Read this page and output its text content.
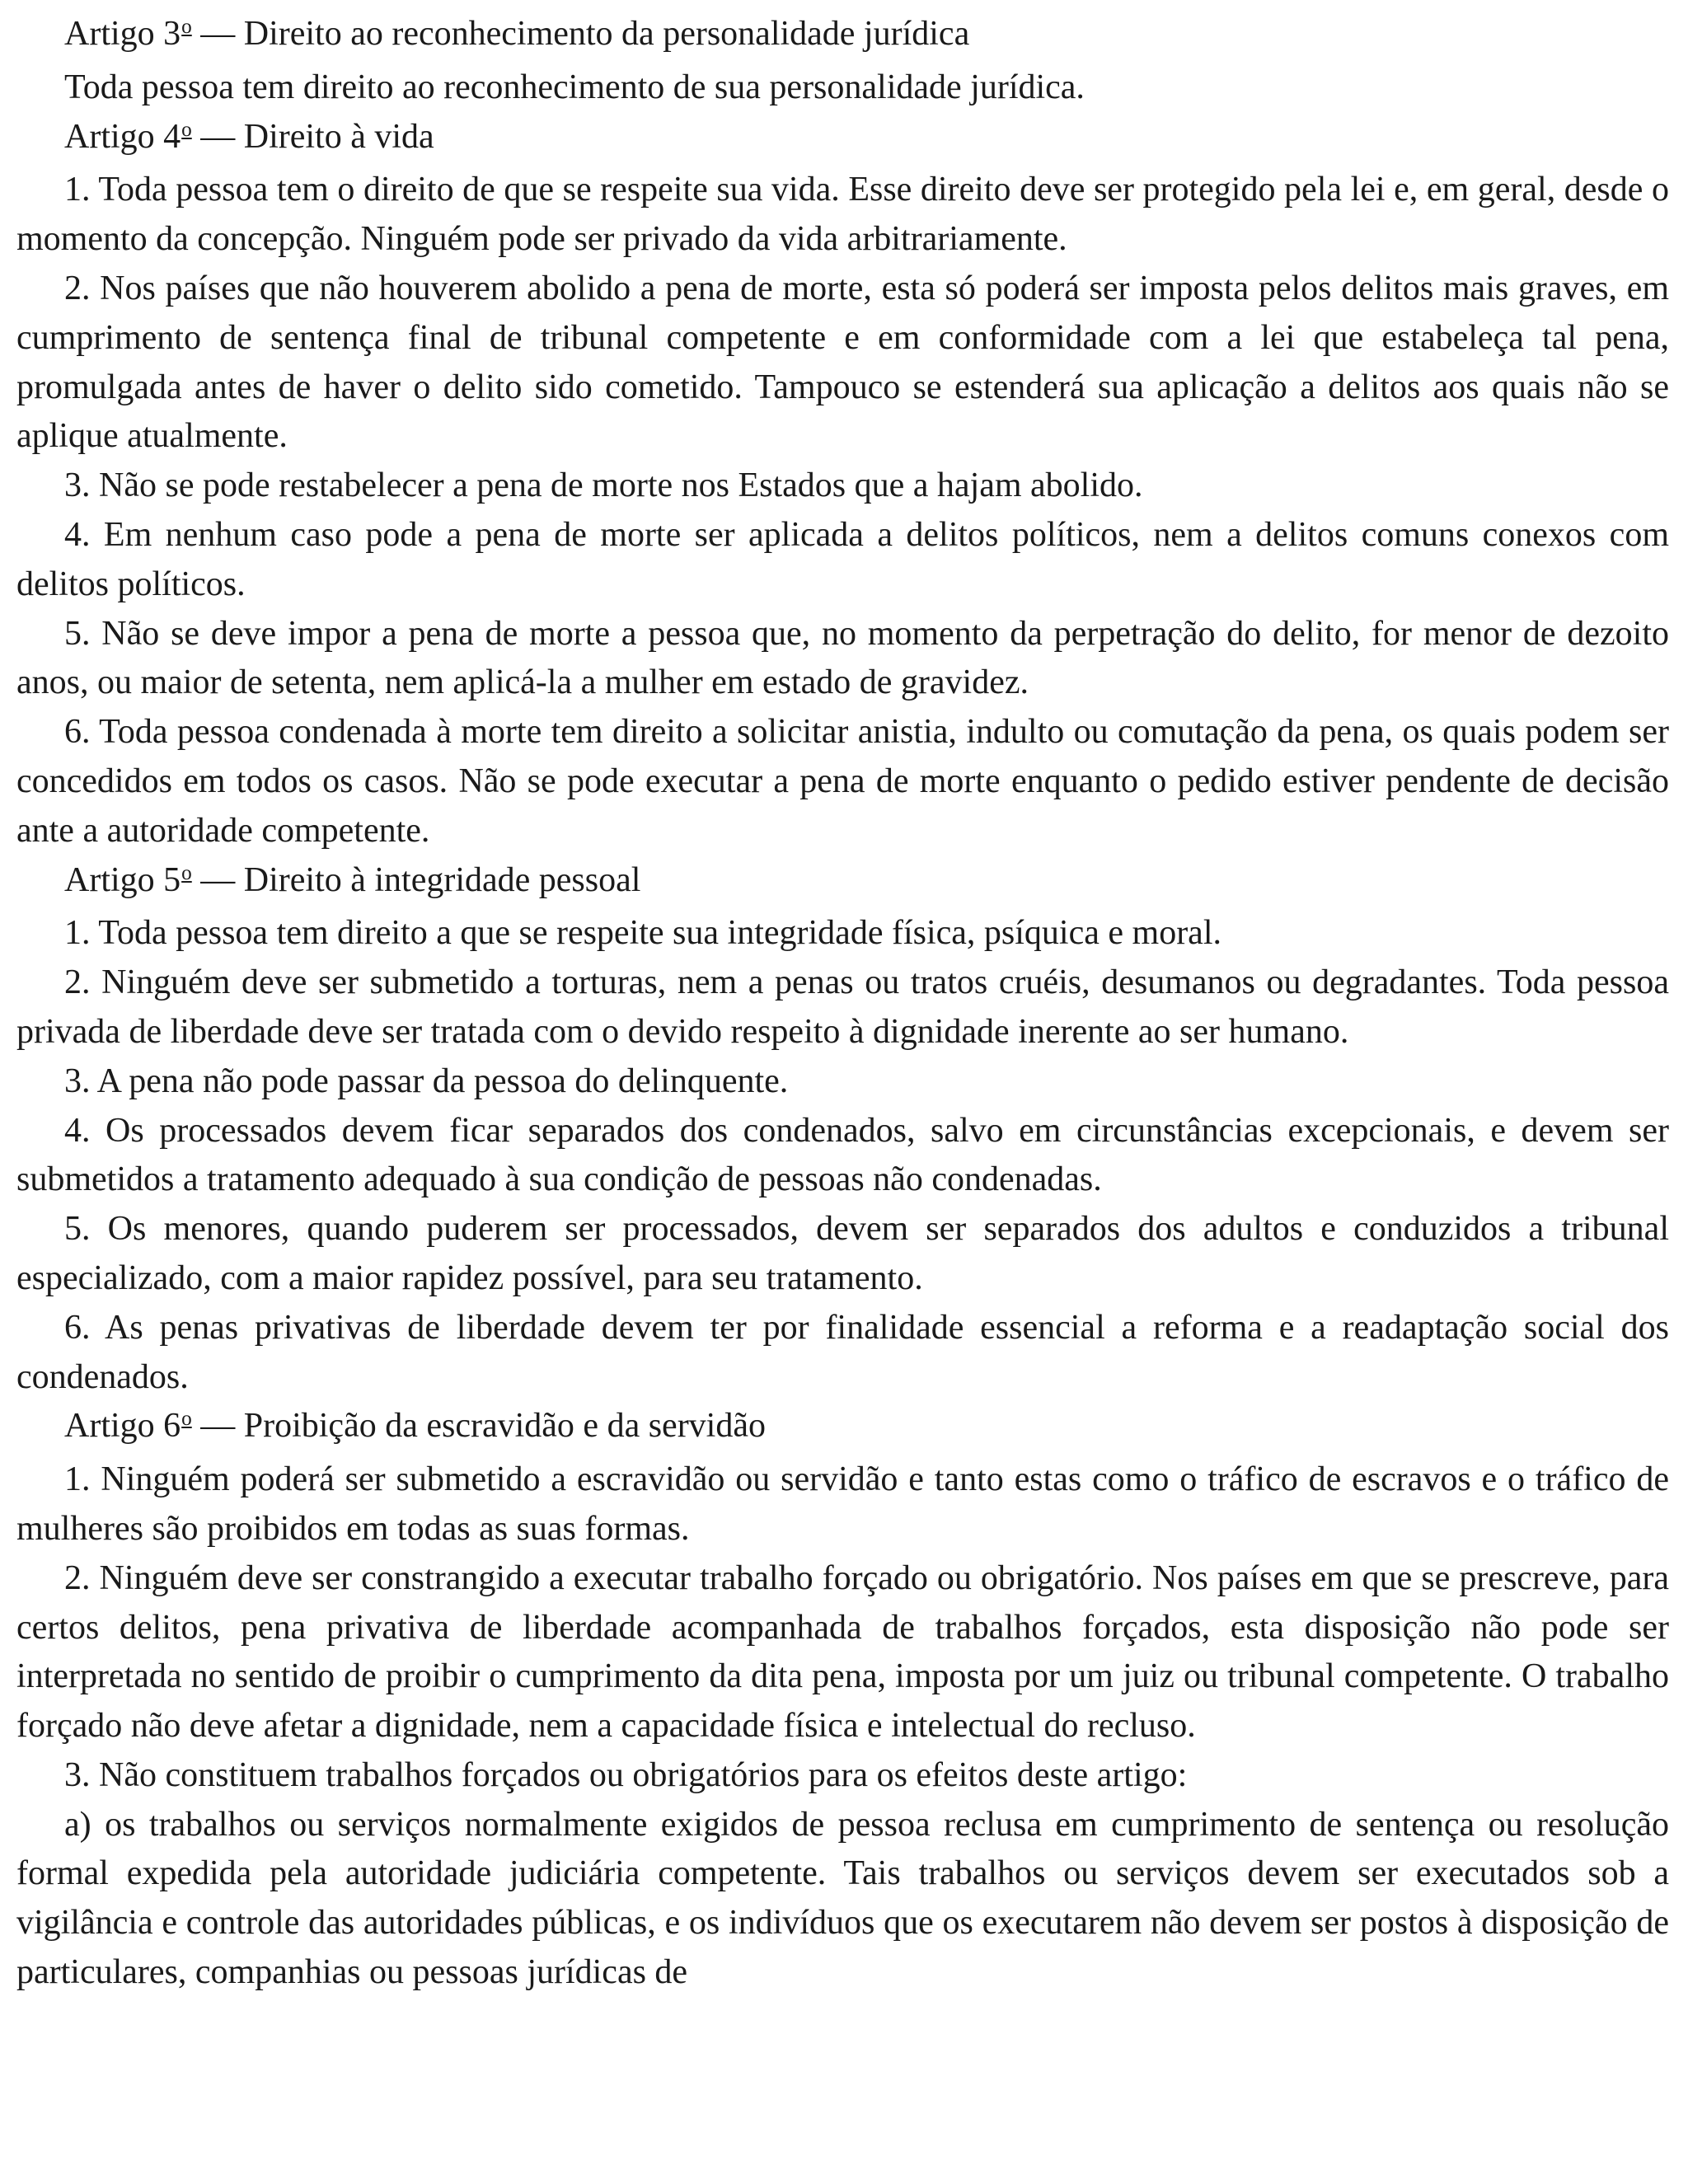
Artigo 3$^o$ — Direito ao reconhecimento da personalidade jurídica

Toda pessoa tem direito ao reconhecimento de sua personalidade jurídica.

Artigo 4$^o$ — Direito à vida

1. Toda pessoa tem o direito de que se respeite sua vida. Esse direito deve ser protegido pela lei e, em geral, desde o momento da concepção. Ninguém pode ser privado da vida arbitrariamente.

2. Nos países que não houverem abolido a pena de morte, esta só poderá ser imposta pelos delitos mais graves, em cumprimento de sentença final de tribunal competente e em conformidade com a lei que estabeleça tal pena, promulgada antes de haver o delito sido cometido. Tampouco se estenderá sua aplicação a delitos aos quais não se aplique atualmente.

3. Não se pode restabelecer a pena de morte nos Estados que a hajam abolido.

4. Em nenhum caso pode a pena de morte ser aplicada a delitos políticos, nem a delitos comuns conexos com delitos políticos.

5. Não se deve impor a pena de morte a pessoa que, no momento da perpetração do delito, for menor de dezoito anos, ou maior de setenta, nem aplicá-la a mulher em estado de gravidez.

6. Toda pessoa condenada à morte tem direito a solicitar anistia, indulto ou comutação da pena, os quais podem ser concedidos em todos os casos. Não se pode executar a pena de morte enquanto o pedido estiver pendente de decisão ante a autoridade competente.

Artigo 5$^o$ — Direito à integridade pessoal

1. Toda pessoa tem direito a que se respeite sua integridade física, psíquica e moral.

2. Ninguém deve ser submetido a torturas, nem a penas ou tratos cruéis, desumanos ou degradantes. Toda pessoa privada de liberdade deve ser tratada com o devido respeito à dignidade inerente ao ser humano.

3. A pena não pode passar da pessoa do delinquente.

4. Os processados devem ficar separados dos condenados, salvo em circunstâncias excepcionais, e devem ser submetidos a tratamento adequado à sua condição de pessoas não condenadas.

5. Os menores, quando puderem ser processados, devem ser separados dos adultos e conduzidos a tribunal especializado, com a maior rapidez possível, para seu tratamento.

6. As penas privativas de liberdade devem ter por finalidade essencial a reforma e a readaptação social dos condenados.

Artigo 6$^o$ — Proibição da escravidão e da servidão

1. Ninguém poderá ser submetido a escravidão ou servidão e tanto estas como o tráfico de escravos e o tráfico de mulheres são proibidos em todas as suas formas.

2. Ninguém deve ser constrangido a executar trabalho forçado ou obrigatório. Nos países em que se prescreve, para certos delitos, pena privativa de liberdade acompanhada de trabalhos forçados, esta disposição não pode ser interpretada no sentido de proibir o cumprimento da dita pena, imposta por um juiz ou tribunal competente. O trabalho forçado não deve afetar a dignidade, nem a capacidade física e intelectual do recluso.

3. Não constituem trabalhos forçados ou obrigatórios para os efeitos deste artigo:

a) os trabalhos ou serviços normalmente exigidos de pessoa reclusa em cumprimento de sentença ou resolução formal expedida pela autoridade judiciária competente. Tais trabalhos ou serviços devem ser executados sob a vigilância e controle das autoridades públicas, e os indivíduos que os executarem não devem ser postos à disposição de particulares, companhias ou pessoas jurídicas de
